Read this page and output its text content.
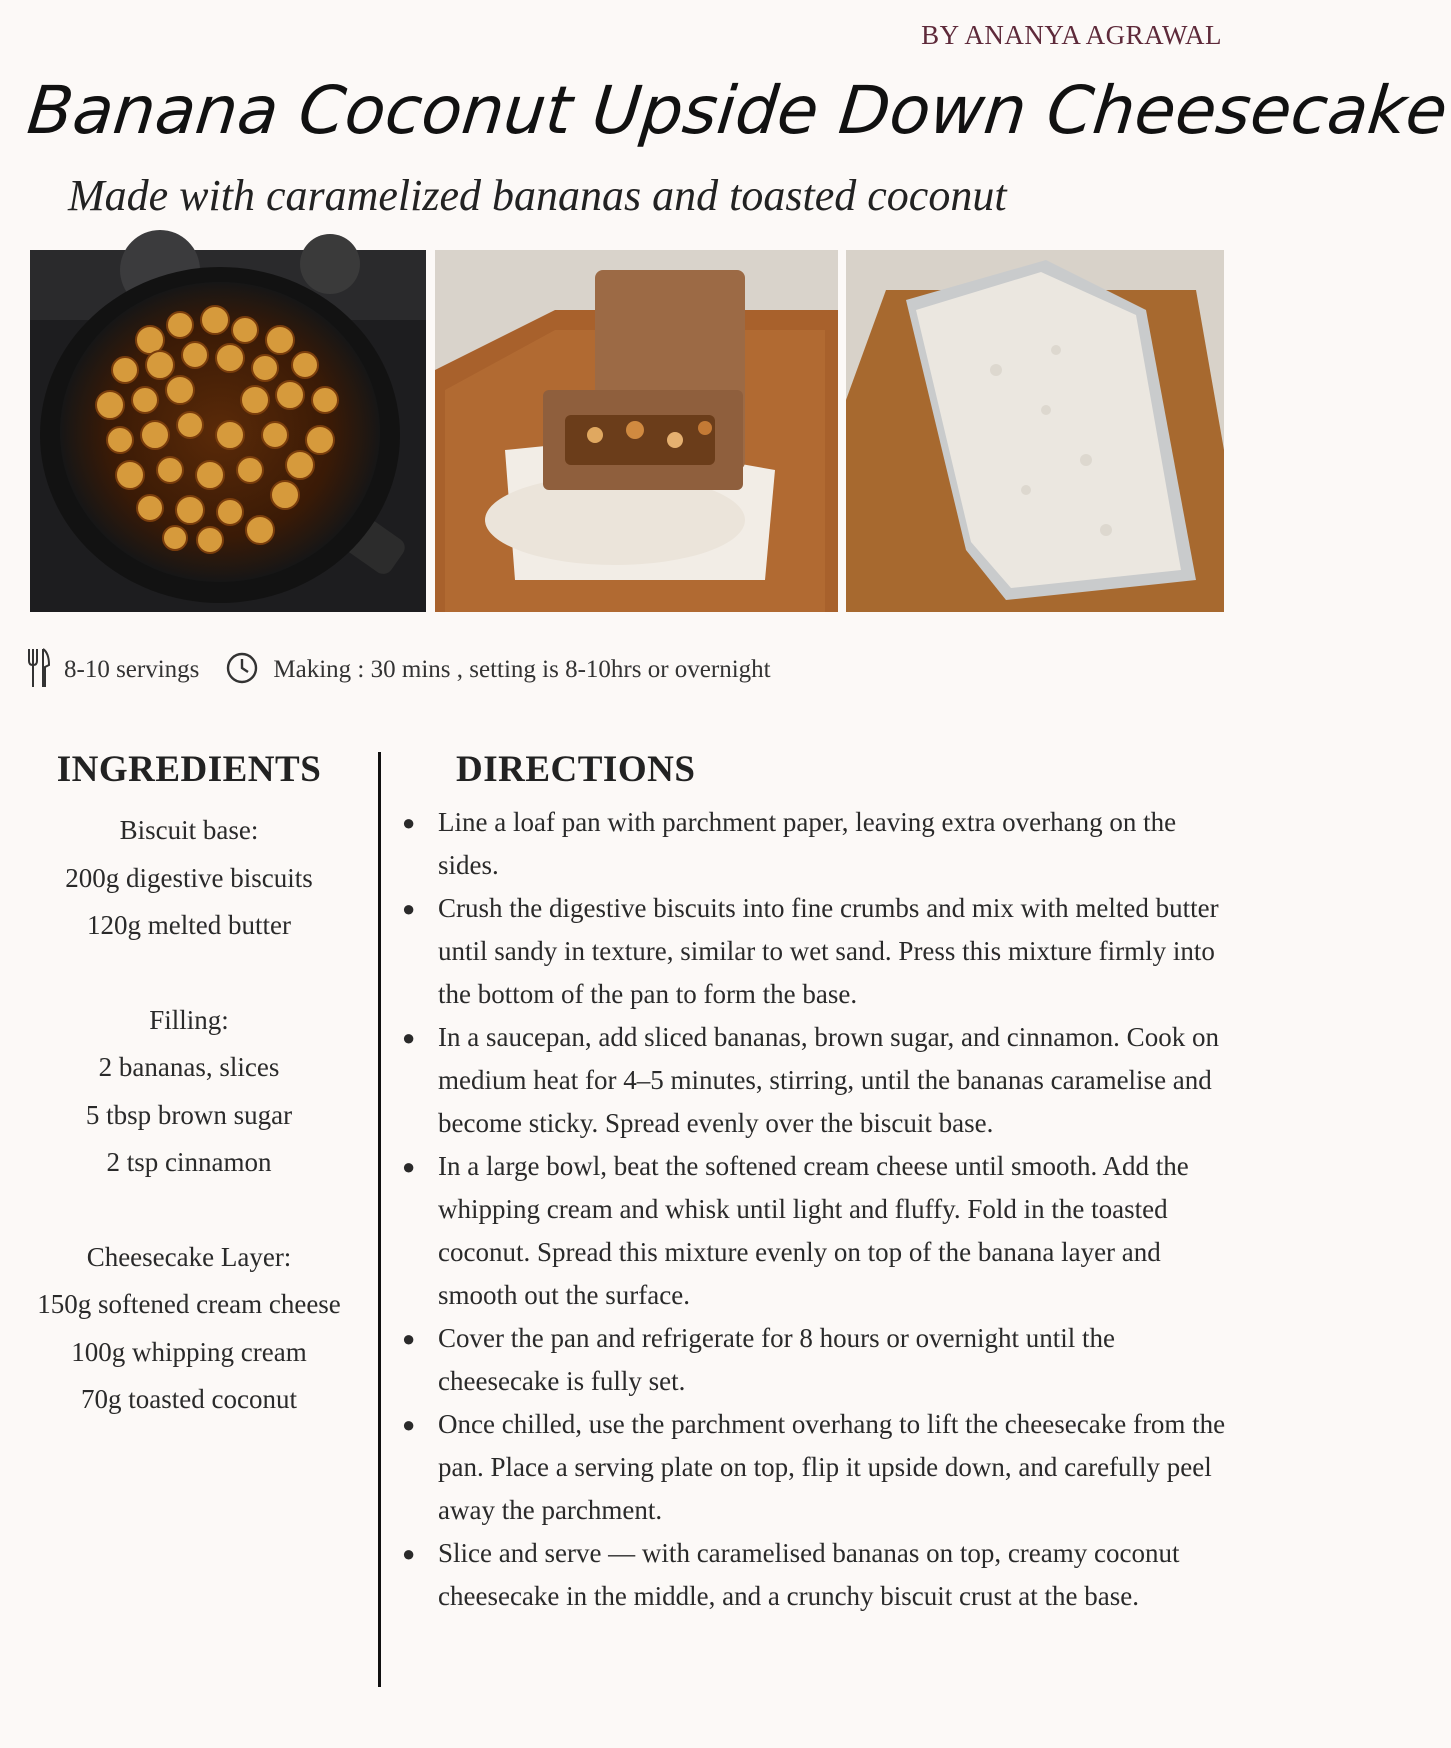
BY ANANYA AGRAWAL
Banana Coconut Upside Down Cheesecake
Made with caramelized bananas and toasted coconut
8-10 servings	Making : 30 mins , setting is 8-10hrs or overnight
INGREDIENTS
Biscuit base:
200g digestive biscuits
120g melted butter
Filling:
2 bananas, slices
5 tbsp brown sugar
2 tsp cinnamon
Cheesecake Layer:
150g softened cream cheese
100g whipping cream
70g toasted coconut
DIRECTIONS
● Line a loaf pan with parchment paper, leaving extra overhang on the sides.
● Crush the digestive biscuits into fine crumbs and mix with melted butter until sandy in texture, similar to wet sand. Press this mixture firmly into the bottom of the pan to form the base.
● In a saucepan, add sliced bananas, brown sugar, and cinnamon. Cook on medium heat for 4–5 minutes, stirring, until the bananas caramelise and become sticky. Spread evenly over the biscuit base.
● In a large bowl, beat the softened cream cheese until smooth. Add the whipping cream and whisk until light and fluffy. Fold in the toasted coconut. Spread this mixture evenly on top of the banana layer and smooth out the surface.
● Cover the pan and refrigerate for 8 hours or overnight until the cheesecake is fully set.
● Once chilled, use the parchment overhang to lift the cheesecake from the pan. Place a serving plate on top, flip it upside down, and carefully peel away the parchment.
● Slice and serve — with caramelised bananas on top, creamy coconut cheesecake in the middle, and a crunchy biscuit crust at the base.
